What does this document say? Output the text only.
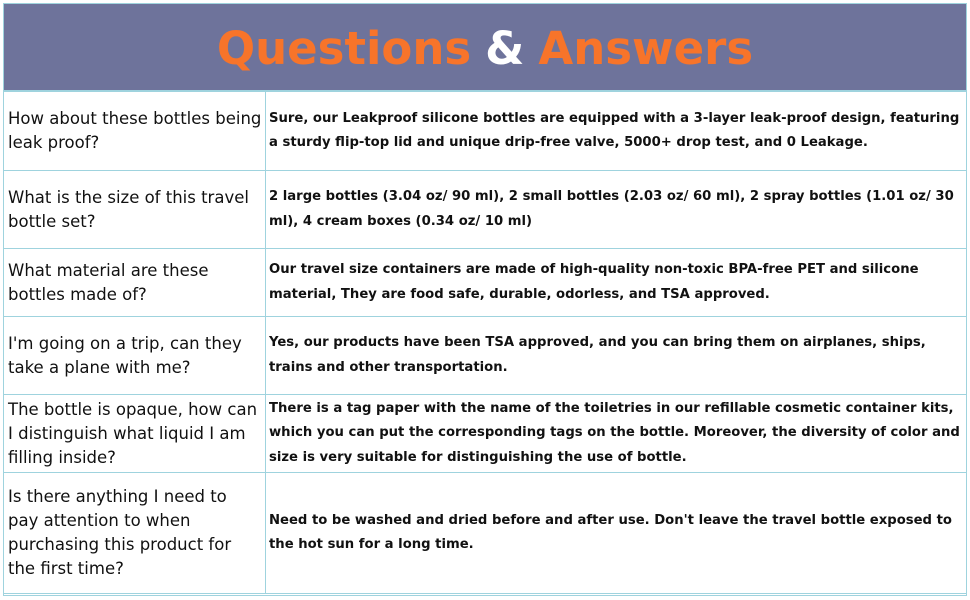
Questions & Answers
How about these bottles being leak proof?	Sure, our Leakproof silicone bottles are equipped with a 3-layer leak-proof design, featuring a sturdy flip-top lid and unique drip-free valve, 5000+ drop test, and 0 Leakage.
What is the size of this travel bottle set?	2 large bottles (3.04 oz/ 90 ml), 2 small bottles (2.03 oz/ 60 ml), 2 spray bottles (1.01 oz/ 30 ml), 4 cream boxes (0.34 oz/ 10 ml)
What material are these bottles made of?	Our travel size containers are made of high-quality non-toxic BPA-free PET and silicone material, They are food safe, durable, odorless, and TSA approved.
I'm going on a trip, can they take a plane with me?	Yes, our products have been TSA approved, and you can bring them on airplanes, ships, trains and other transportation.
The bottle is opaque, how can I distinguish what liquid I am filling inside?	There is a tag paper with the name of the toiletries in our refillable cosmetic container kits, which you can put the corresponding tags on the bottle. Moreover, the diversity of color and size is very suitable for distinguishing the use of bottle.
Is there anything I need to pay attention to when purchasing this product for the first time?	Need to be washed and dried before and after use. Don't leave the travel bottle exposed to the hot sun for a long time.
